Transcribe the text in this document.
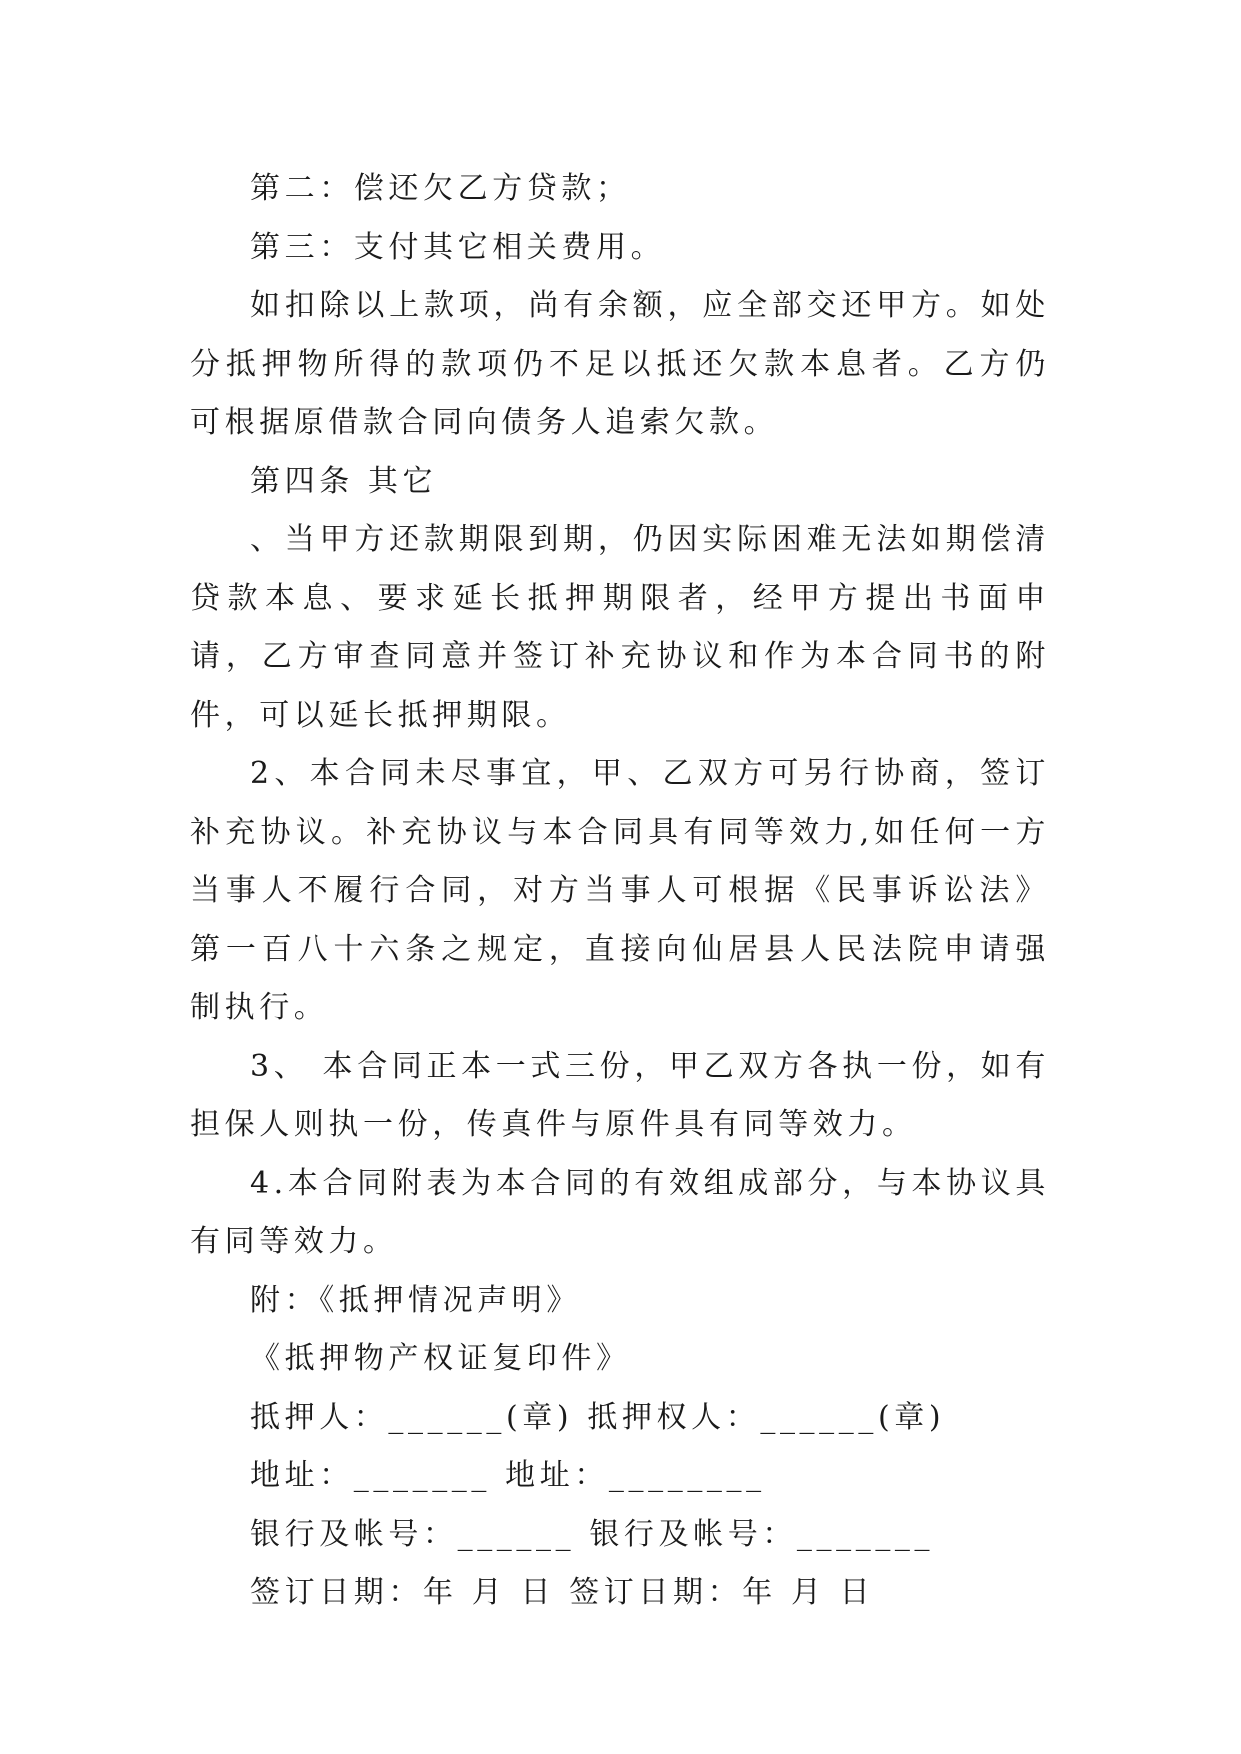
第二：偿还欠乙方贷款；

第三：支付其它相关费用。

如扣除以上款项，尚有余额，应全部交还甲方。如处分抵押物所得的款项仍不足以抵还欠款本息者。乙方仍可根据原借款合同向债务人追索欠款。

第四条 其它

、当甲方还款期限到期，仍因实际困难无法如期偿清贷款本息、要求延长抵押期限者，经甲方提出书面申请，乙方审查同意并签订补充协议和作为本合同书的附件，可以延长抵押期限。

2、本合同未尽事宜，甲、乙双方可另行协商，签订补充协议。补充协议与本合同具有同等效力,如任何一方当事人不履行合同，对方当事人可根据《民事诉讼法》第一百八十六条之规定，直接向仙居县人民法院申请强制执行。

3、 本合同正本一式三份，甲乙双方各执一份，如有担保人则执一份，传真件与原件具有同等效力。

4.本合同附表为本合同的有效组成部分，与本协议具有同等效力。

附：《抵押情况声明》

《抵押物产权证复印件》

抵押人：______(章) 抵押权人：______(章)

地址：_______ 地址：________

银行及帐号：______ 银行及帐号：_______

签订日期：年 月 日 签订日期：年 月 日
